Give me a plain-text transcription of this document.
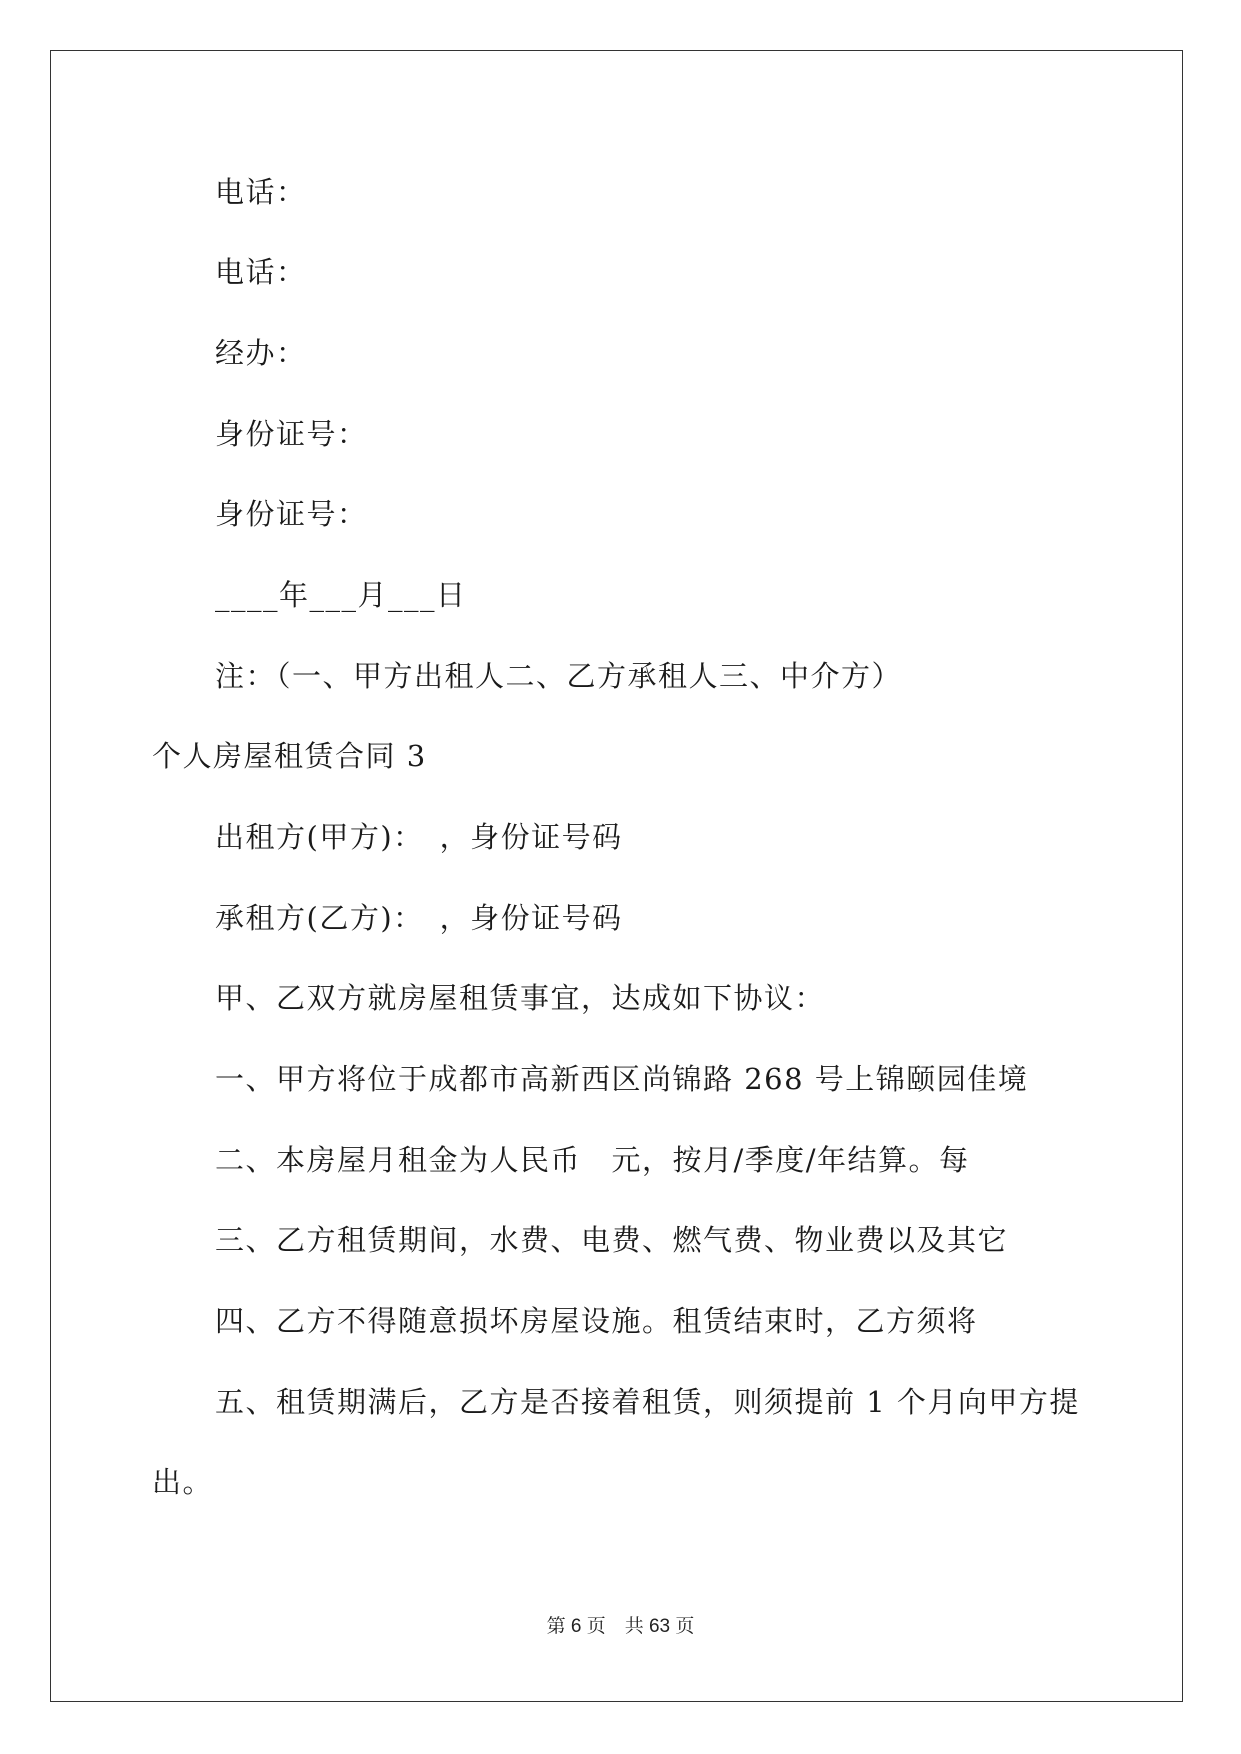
电话：
电话：
经办：
身份证号：
身份证号：
____年___月___日
注：（一、甲方出租人二、乙方承租人三、中介方）
个人房屋租赁合同 3
出租方(甲方)：　，身份证号码
承租方(乙方)：　，身份证号码
甲、乙双方就房屋租赁事宜，达成如下协议：
一、甲方将位于成都市高新西区尚锦路 268 号上锦颐园佳境
二、本房屋月租金为人民币　元，按月/季度/年结算。每
三、乙方租赁期间，水费、电费、燃气费、物业费以及其它
四、乙方不得随意损坏房屋设施。租赁结束时，乙方须将
五、租赁期满后，乙方是否接着租赁，则须提前 1 个月向甲方提
出。
第 6 页　共 63 页
